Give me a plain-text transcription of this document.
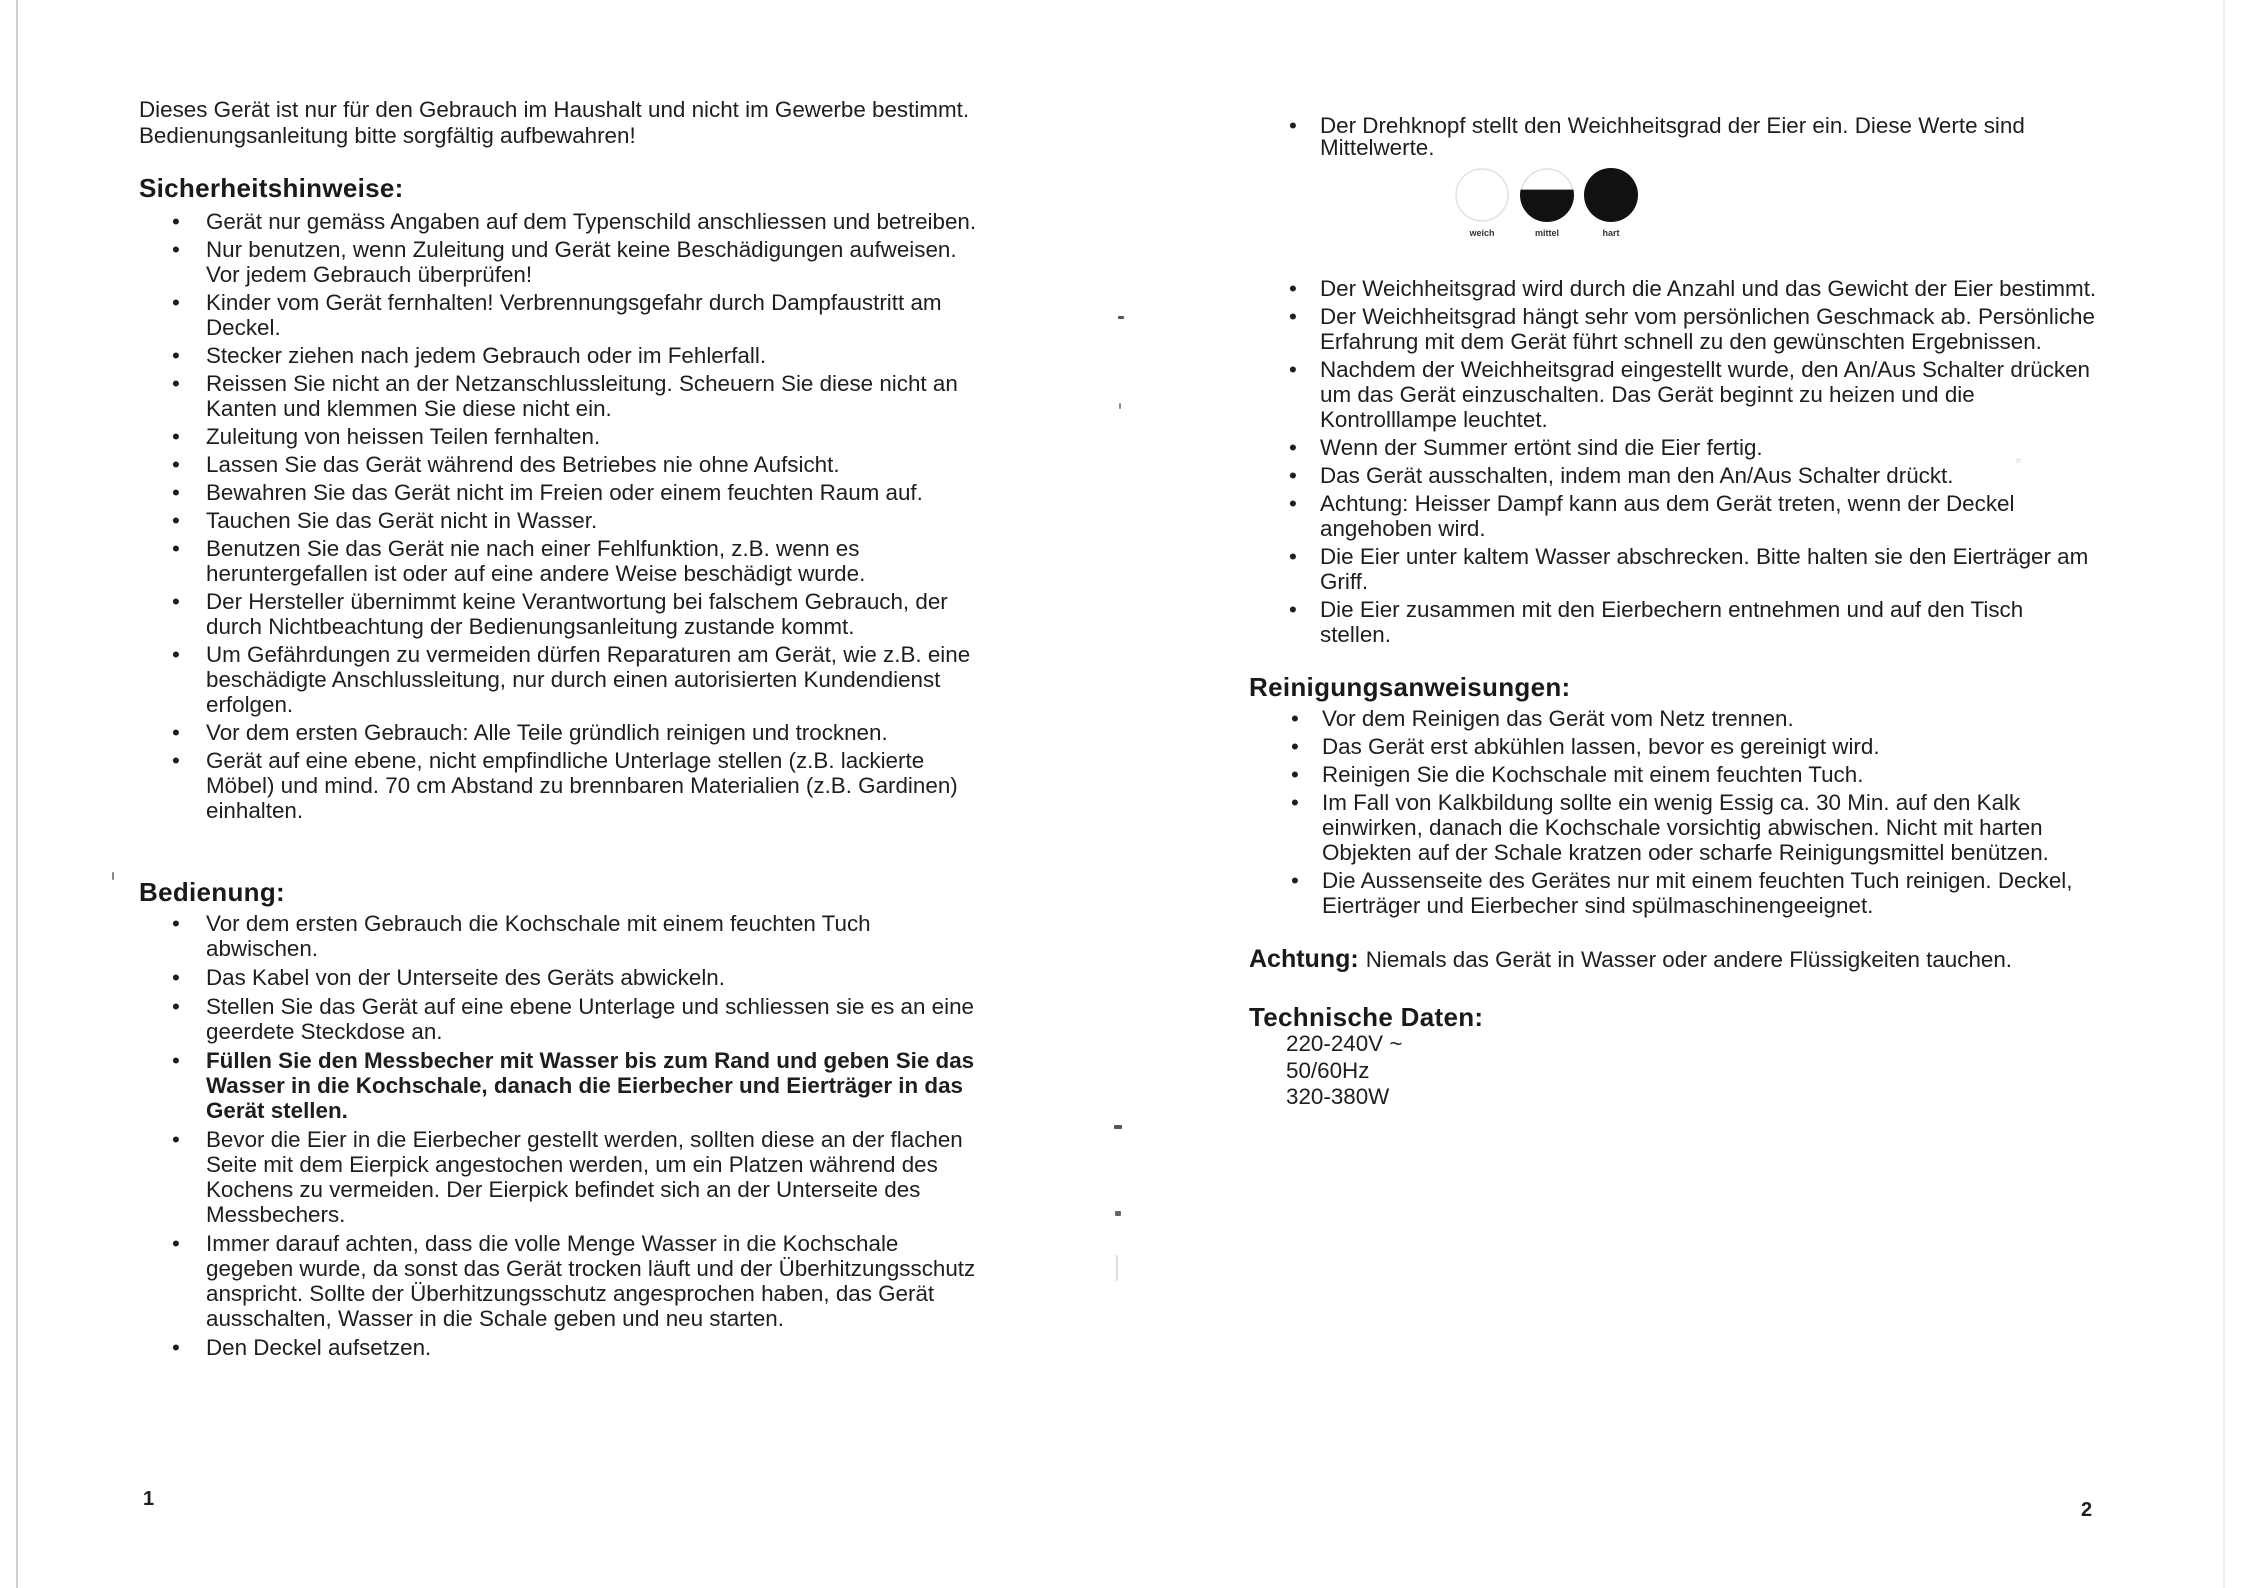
Dieses Gerät ist nur für den Gebrauch im Haushalt und nicht im Gewerbe bestimmt.
Bedienungsanleitung bitte sorgfältig aufbewahren!
Sicherheitshinweise:
• Gerät nur gemäss Angaben auf dem Typenschild anschliessen und betreiben.
• Nur benutzen, wenn Zuleitung und Gerät keine Beschädigungen aufweisen.
Vor jedem Gebrauch überprüfen!
• Kinder vom Gerät fernhalten! Verbrennungsgefahr durch Dampfaustritt am
Deckel.
• Stecker ziehen nach jedem Gebrauch oder im Fehlerfall.
• Reissen Sie nicht an der Netzanschlussleitung. Scheuern Sie diese nicht an
Kanten und klemmen Sie diese nicht ein.
• Zuleitung von heissen Teilen fernhalten.
• Lassen Sie das Gerät während des Betriebes nie ohne Aufsicht.
• Bewahren Sie das Gerät nicht im Freien oder einem feuchten Raum auf.
• Tauchen Sie das Gerät nicht in Wasser.
• Benutzen Sie das Gerät nie nach einer Fehlfunktion, z.B. wenn es
heruntergefallen ist oder auf eine andere Weise beschädigt wurde.
• Der Hersteller übernimmt keine Verantwortung bei falschem Gebrauch, der
durch Nichtbeachtung der Bedienungsanleitung zustande kommt.
• Um Gefährdungen zu vermeiden dürfen Reparaturen am Gerät, wie z.B. eine
beschädigte Anschlussleitung, nur durch einen autorisierten Kundendienst
erfolgen.
• Vor dem ersten Gebrauch: Alle Teile gründlich reinigen und trocknen.
• Gerät auf eine ebene, nicht empfindliche Unterlage stellen (z.B. lackierte
Möbel) und mind. 70 cm Abstand zu brennbaren Materialien (z.B. Gardinen)
einhalten.
Bedienung:
• Vor dem ersten Gebrauch die Kochschale mit einem feuchten Tuch
abwischen.
• Das Kabel von der Unterseite des Geräts abwickeln.
• Stellen Sie das Gerät auf eine ebene Unterlage und schliessen sie es an eine
geerdete Steckdose an.
• Füllen Sie den Messbecher mit Wasser bis zum Rand und geben Sie das
Wasser in die Kochschale, danach die Eierbecher und Eierträger in das
Gerät stellen.
• Bevor die Eier in die Eierbecher gestellt werden, sollten diese an der flachen
Seite mit dem Eierpick angestochen werden, um ein Platzen während des
Kochens zu vermeiden. Der Eierpick befindet sich an der Unterseite des
Messbechers.
• Immer darauf achten, dass die volle Menge Wasser in die Kochschale
gegeben wurde, da sonst das Gerät trocken läuft und der Überhitzungsschutz
anspricht. Sollte der Überhitzungsschutz angesprochen haben, das Gerät
ausschalten, Wasser in die Schale geben und neu starten.
• Den Deckel aufsetzen.
1
• Der Drehknopf stellt den Weichheitsgrad der Eier ein. Diese Werte sind
Mittelwerte.
weich	mittel	hart
• Der Weichheitsgrad wird durch die Anzahl und das Gewicht der Eier bestimmt.
• Der Weichheitsgrad hängt sehr vom persönlichen Geschmack ab. Persönliche
Erfahrung mit dem Gerät führt schnell zu den gewünschten Ergebnissen.
• Nachdem der Weichheitsgrad eingestellt wurde, den An/Aus Schalter drücken
um das Gerät einzuschalten. Das Gerät beginnt zu heizen und die
Kontrolllampe leuchtet.
• Wenn der Summer ertönt sind die Eier fertig.
• Das Gerät ausschalten, indem man den An/Aus Schalter drückt.
• Achtung: Heisser Dampf kann aus dem Gerät treten, wenn der Deckel
angehoben wird.
• Die Eier unter kaltem Wasser abschrecken. Bitte halten sie den Eierträger am
Griff.
• Die Eier zusammen mit den Eierbechern entnehmen und auf den Tisch
stellen.
Reinigungsanweisungen:
• Vor dem Reinigen das Gerät vom Netz trennen.
• Das Gerät erst abkühlen lassen, bevor es gereinigt wird.
• Reinigen Sie die Kochschale mit einem feuchten Tuch.
• Im Fall von Kalkbildung sollte ein wenig Essig ca. 30 Min. auf den Kalk
einwirken, danach die Kochschale vorsichtig abwischen. Nicht mit harten
Objekten auf der Schale kratzen oder scharfe Reinigungsmittel benützen.
• Die Aussenseite des Gerätes nur mit einem feuchten Tuch reinigen. Deckel,
Eierträger und Eierbecher sind spülmaschinengeeignet.
Achtung: Niemals das Gerät in Wasser oder andere Flüssigkeiten tauchen.
Technische Daten:
220-240V ~
50/60Hz
320-380W
2
